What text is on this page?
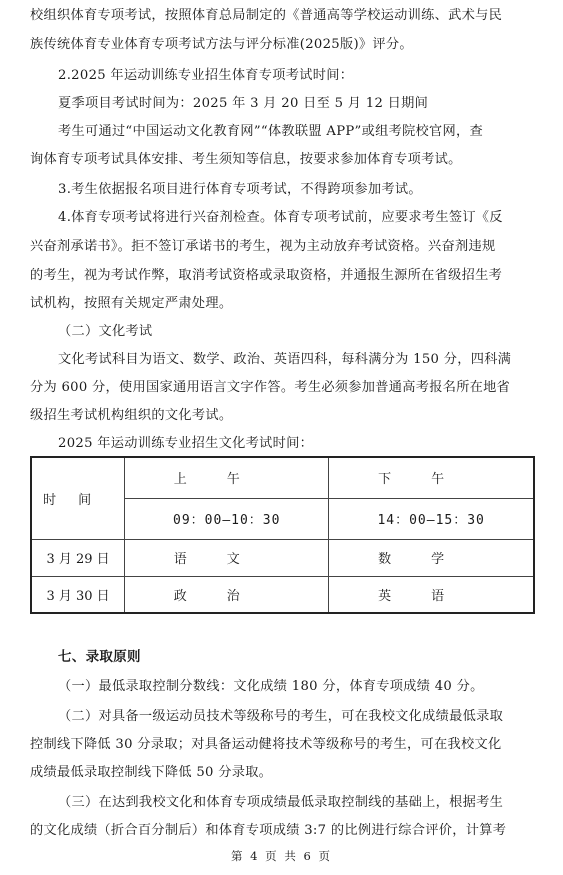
校组织体育专项考试，按照体育总局制定的《普通高等学校运动训练、武术与民
族传统体育专业体育专项考试方法与评分标准(2025版)》评分。
2.2025 年运动训练专业招生体育专项考试时间：
夏季项目考试时间为：2025 年 3 月 20 日至 5 月 12 日期间
考生可通过“中国运动文化教育网”“体教联盟 APP”或组考院校官网，查
询体育专项考试具体安排、考生须知等信息，按要求参加体育专项考试。
3.考生依据报名项目进行体育专项考试，不得跨项参加考试。
4.体育专项考试将进行兴奋剂检查。体育专项考试前，应要求考生签订《反
兴奋剂承诺书》。拒不签订承诺书的考生，视为主动放弃考试资格。兴奋剂违规
的考生，视为考试作弊，取消考试资格或录取资格，并通报生源所在省级招生考
试机构，按照有关规定严肃处理。
（二）文化考试
文化考试科目为语文、数学、政治、英语四科，每科满分为 150 分，四科满
分为 600 分，使用国家通用语言文字作答。考生必须参加普通高考报名所在地省
级招生考试机构组织的文化考试。
2025 年运动训练专业招生文化考试时间：
时间	上午	下午
	09：00—10：30	14：00—15：30
3 月 29 日	语文	数学
3 月 30 日	政治	英语
七、录取原则
（一）最低录取控制分数线：文化成绩 180 分，体育专项成绩 40 分。
（二）对具备一级运动员技术等级称号的考生，可在我校文化成绩最低录取
控制线下降低 30 分录取；对具备运动健将技术等级称号的考生，可在我校文化
成绩最低录取控制线下降低 50 分录取。
（三）在达到我校文化和体育专项成绩最低录取控制线的基础上，根据考生
的文化成绩（折合百分制后）和体育专项成绩 3:7 的比例进行综合评价，计算考
第 4 页 共 6 页
